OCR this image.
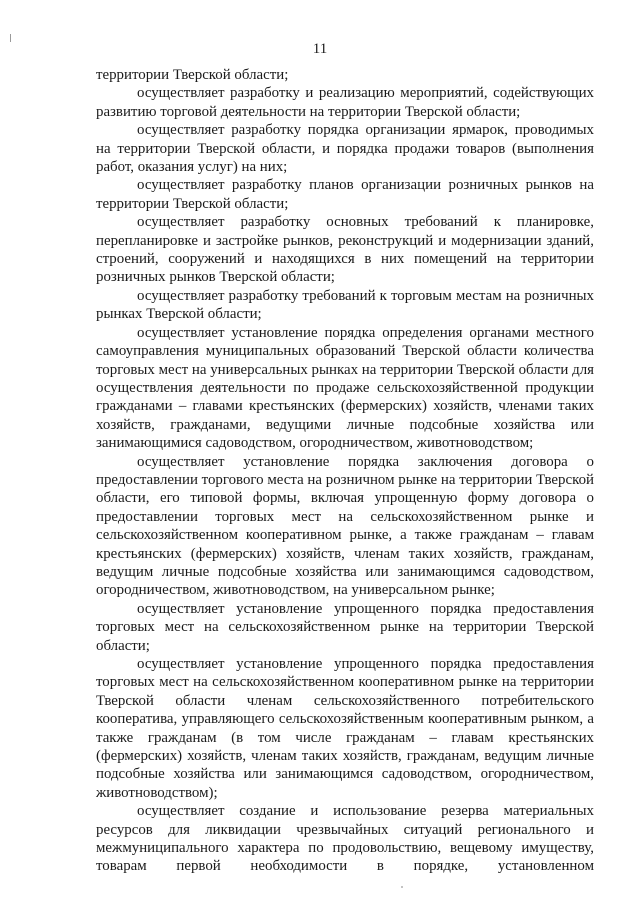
11

территории Тверской области;

осуществляет разработку и реализацию мероприятий, содействующих развитию торговой деятельности на территории Тверской области;

осуществляет разработку порядка организации ярмарок, проводимых на территории Тверской области, и порядка продажи товаров (выполнения работ, оказания услуг) на них;

осуществляет разработку планов организации розничных рынков на территории Тверской области;

осуществляет разработку основных требований к планировке, перепланировке и застройке рынков, реконструкций и модернизации зданий, строений, сооружений и находящихся в них помещений на территории розничных рынков Тверской области;

осуществляет разработку требований к торговым местам на розничных рынках Тверской области;

осуществляет установление порядка определения органами местного самоуправления муниципальных образований Тверской области количества торговых мест на универсальных рынках на территории Тверской области для осуществления деятельности по продаже сельскохозяйственной продукции гражданами – главами крестьянских (фермерских) хозяйств, членами таких хозяйств, гражданами, ведущими личные подсобные хозяйства или занимающимися садоводством, огородничеством, животноводством;

осуществляет установление порядка заключения договора о предоставлении торгового места на розничном рынке на территории Тверской области, его типовой формы, включая упрощенную форму договора о предоставлении торговых мест на сельскохозяйственном рынке и сельскохозяйственном кооперативном рынке, а также гражданам – главам крестьянских (фермерских) хозяйств, членам таких хозяйств, гражданам, ведущим личные подсобные хозяйства или занимающимся садоводством, огородничеством, животноводством, на универсальном рынке;

осуществляет установление упрощенного порядка предоставления торговых мест на сельскохозяйственном рынке на территории Тверской области;

осуществляет установление упрощенного порядка предоставления торговых мест на сельскохозяйственном кооперативном рынке на территории Тверской области членам сельскохозяйственного потребительского кооператива, управляющего сельскохозяйственным кооперативным рынком, а также гражданам (в том числе гражданам – главам крестьянских (фермерских) хозяйств, членам таких хозяйств, гражданам, ведущим личные подсобные хозяйства или занимающимся садоводством, огородничеством, животноводством);

осуществляет создание и использование резерва материальных ресурсов для ликвидации чрезвычайных ситуаций регионального и межмуниципального характера по продовольствию, вещевому имуществу, товарам первой необходимости в порядке, установленном
